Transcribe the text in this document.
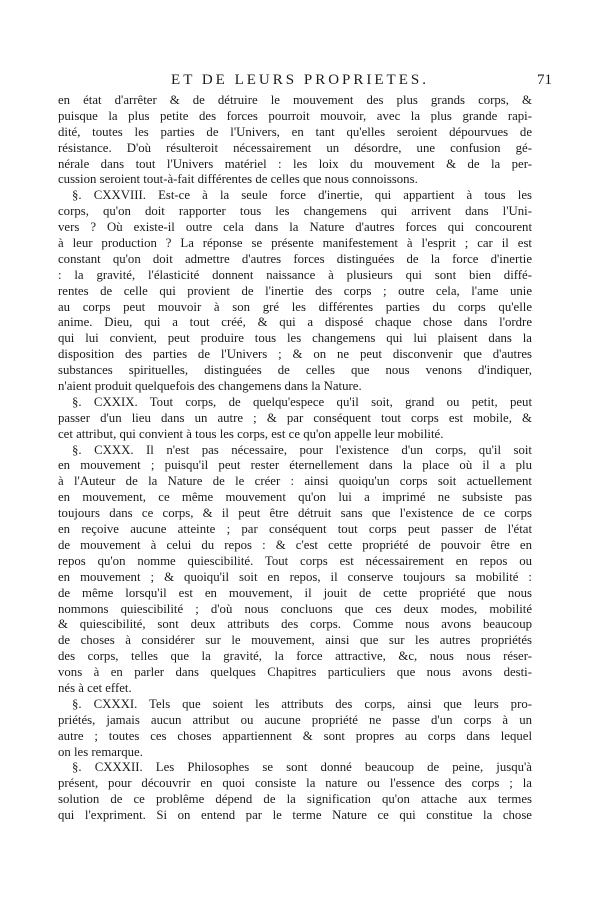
ET DE LEURS PROPRIETES.	71
en état d'arrêter & de détruire le mouvement des plus grands corps, &
puisque la plus petite des forces pourroit mouvoir, avec la plus grande rapi-
dité, toutes les parties de l'Univers, en tant qu'elles seroient dépourvues de
résistance. D'où résulteroit nécessairement un désordre, une confusion gé-
nérale dans tout l'Univers matériel : les loix du mouvement & de la per-
cussion seroient tout-à-fait différentes de celles que nous connoissons.
§. CXXVIII. Est-ce à la seule force d'inertie, qui appartient à tous les
corps, qu'on doit rapporter tous les changemens qui arrivent dans l'Uni-
vers ? Où existe-il outre cela dans la Nature d'autres forces qui concourent
à leur production ? La réponse se présente manifestement à l'esprit ; car il est
constant qu'on doit admettre d'autres forces distinguées de la force d'inertie
: la gravité, l'élasticité donnent naissance à plusieurs qui sont bien diffé-
rentes de celle qui provient de l'inertie des corps ; outre cela, l'ame unie
au corps peut mouvoir à son gré les différentes parties du corps qu'elle
anime. Dieu, qui a tout créé, & qui a disposé chaque chose dans l'ordre
qui lui convient, peut produire tous les changemens qui lui plaisent dans la
disposition des parties de l'Univers ; & on ne peut disconvenir que d'autres
substances spirituelles, distinguées de celles que nous venons d'indiquer,
n'aient produit quelquefois des changemens dans la Nature.
§. CXXIX. Tout corps, de quelqu'espece qu'il soit, grand ou petit, peut
passer d'un lieu dans un autre ; & par conséquent tout corps est mobile, &
cet attribut, qui convient à tous les corps, est ce qu'on appelle leur mobilité.
§. CXXX. Il n'est pas nécessaire, pour l'existence d'un corps, qu'il soit
en mouvement ; puisqu'il peut rester éternellement dans la place où il a plu
à l'Auteur de la Nature de le créer : ainsi quoiqu'un corps soit actuellement
en mouvement, ce même mouvement qu'on lui a imprimé ne subsiste pas
toujours dans ce corps, & il peut être détruit sans que l'existence de ce corps
en reçoive aucune atteinte ; par conséquent tout corps peut passer de l'état
de mouvement à celui du repos : & c'est cette propriété de pouvoir être en
repos qu'on nomme quiescibilité. Tout corps est nécessairement en repos ou
en mouvement ; & quoiqu'il soit en repos, il conserve toujours sa mobilité :
de même lorsqu'il est en mouvement, il jouit de cette propriété que nous
nommons quiescibilité ; d'où nous concluons que ces deux modes, mobilité
& quiescibilité, sont deux attributs des corps. Comme nous avons beaucoup
de choses à considérer sur le mouvement, ainsi que sur les autres propriétés
des corps, telles que la gravité, la force attractive, &c, nous nous réser-
vons à en parler dans quelques Chapitres particuliers que nous avons desti-
nés à cet effet.
§. CXXXI. Tels que soient les attributs des corps, ainsi que leurs pro-
priétés, jamais aucun attribut ou aucune propriété ne passe d'un corps à un
autre ; toutes ces choses appartiennent & sont propres au corps dans lequel
on les remarque.
§. CXXXII. Les Philosophes se sont donné beaucoup de peine, jusqu'à
présent, pour découvrir en quoi consiste la nature ou l'essence des corps ; la
solution de ce problême dépend de la signification qu'on attache aux termes
qui l'expriment. Si on entend par le terme Nature ce qui constitue la chose
